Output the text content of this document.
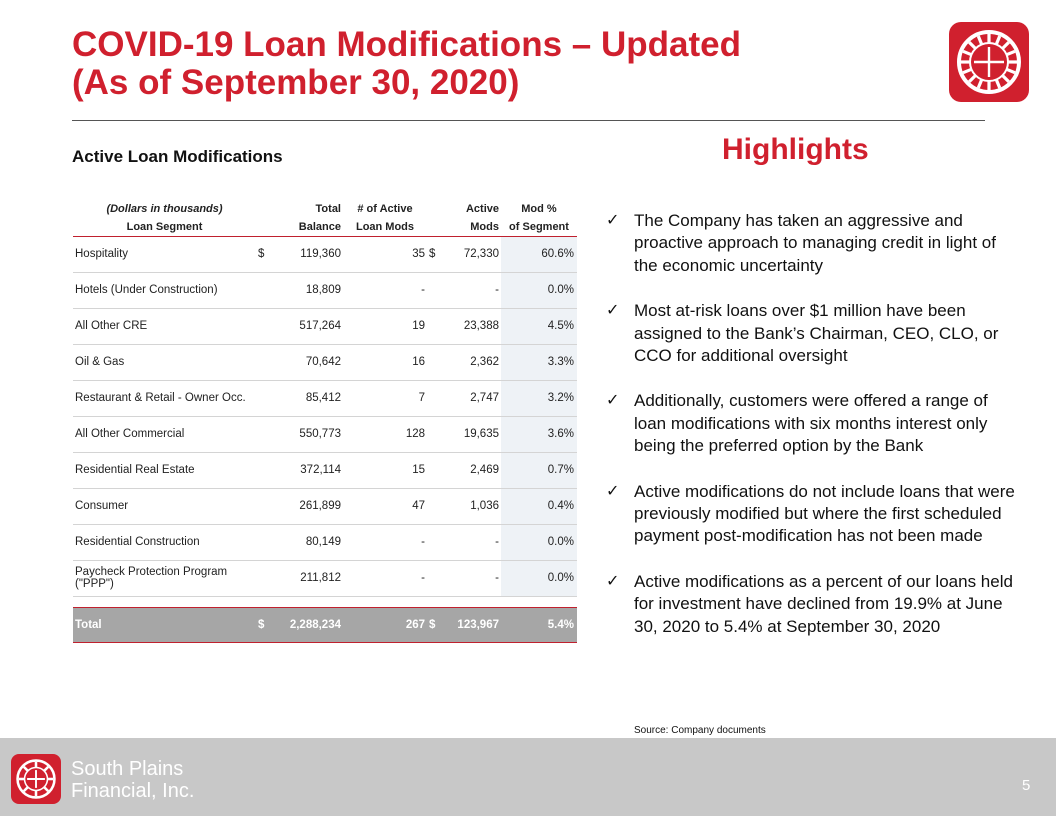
COVID-19 Loan Modifications – Updated
(As of September 30, 2020)
Active Loan Modifications
(Dollars in thousands)	Total	# of Active	Active	Mod %
Loan Segment	Balance	Loan Mods	Mods	of Segment
Hospitality	$ 119,360	35	$ 72,330	60.6%
Hotels (Under Construction)	18,809	-	-	0.0%
All Other CRE	517,264	19	23,388	4.5%
Oil & Gas	70,642	16	2,362	3.3%
Restaurant & Retail - Owner Occ.	85,412	7	2,747	3.2%
All Other Commercial	550,773	128	19,635	3.6%
Residential Real Estate	372,114	15	2,469	0.7%
Consumer	261,899	47	1,036	0.4%
Residential Construction	80,149	-	-	0.0%
Paycheck Protection Program ("PPP")	211,812	-	-	0.0%

Total	$ 2,288,234	267	$ 123,967	5.4%
Highlights
✓ The Company has taken an aggressive and proactive approach to managing credit in light of the economic uncertainty
✓ Most at-risk loans over $1 million have been assigned to the Bank’s Chairman, CEO, CLO, or CCO for additional oversight
✓ Additionally, customers were offered a range of loan modifications with six months interest only being the preferred option by the Bank
✓ Active modifications do not include loans that were previously modified but where the first scheduled payment post-modification has not been made
✓ Active modifications as a percent of our loans held for investment have declined from 19.9% at June 30, 2020 to 5.4% at September 30, 2020
Source: Company documents
South Plains
Financial, Inc.	5
